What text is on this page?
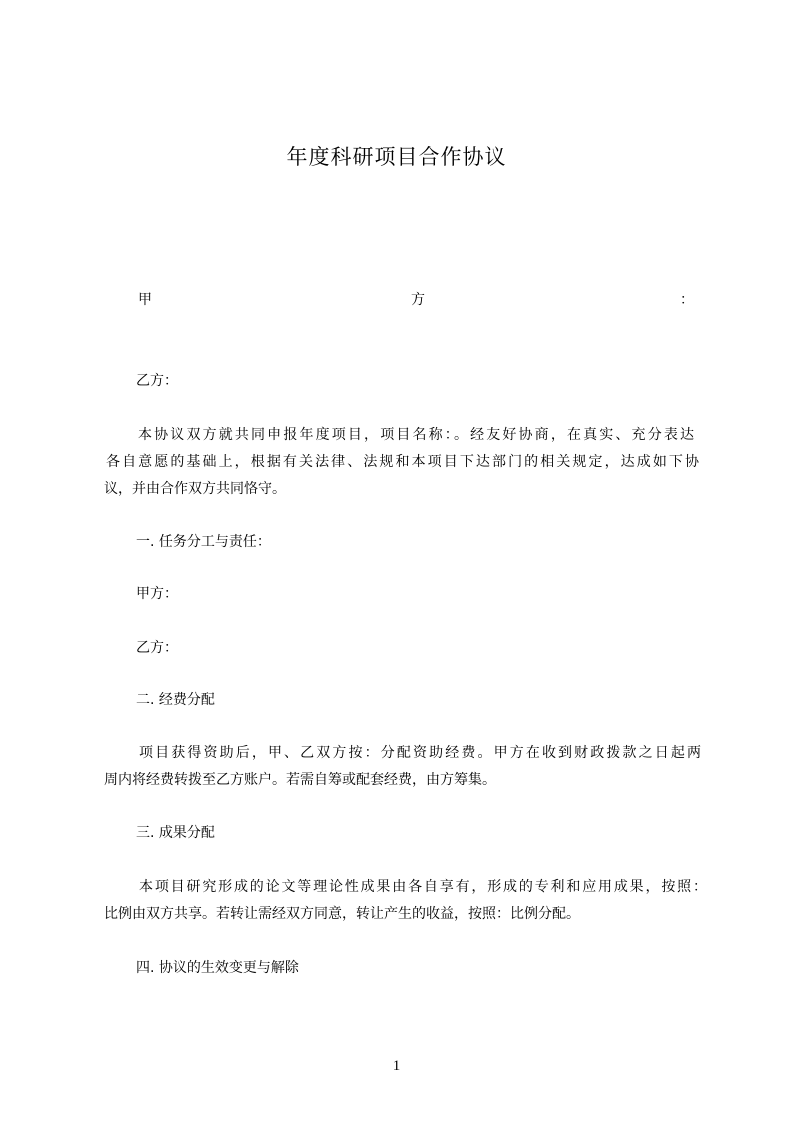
年度科研项目合作协议
甲	方	：
乙方：
本协议双方就共同申报年度项目，项目名称：。经友好协商，在真实、充分表达
各自意愿的基础上，根据有关法律、法规和本项目下达部门的相关规定，达成如下协
议，并由合作双方共同恪守。
一. 任务分工与责任：
甲方：
乙方：
二. 经费分配
项目获得资助后，甲、乙双方按：分配资助经费。甲方在收到财政拨款之日起两
周内将经费转拨至乙方账户。若需自筹或配套经费，由方筹集。
三. 成果分配
本项目研究形成的论文等理论性成果由各自享有，形成的专利和应用成果，按照：
比例由双方共享。若转让需经双方同意，转让产生的收益，按照：比例分配。
四. 协议的生效变更与解除
1
